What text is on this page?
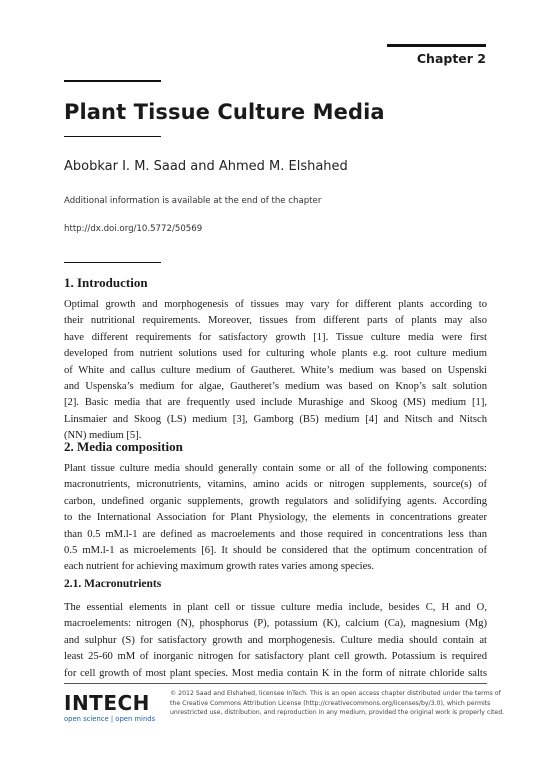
Chapter 2
Plant Tissue Culture Media
Abobkar I. M. Saad and Ahmed M. Elshahed
Additional information is available at the end of the chapter
http://dx.doi.org/10.5772/50569
1. Introduction
Optimal growth and morphogenesis of tissues may vary for different plants according to
their nutritional requirements. Moreover, tissues from different parts of plants may also
have different requirements for satisfactory growth [1]. Tissue culture media were first
developed from nutrient solutions used for culturing whole plants e.g. root culture medium
of White and callus culture medium of Gautheret. White’s medium was based on Uspenski
and Uspenska’s medium for algae, Gautheret’s medium was based on Knop’s salt solution
[2]. Basic media that are frequently used include Murashige and Skoog (MS) medium [1],
Linsmaier and Skoog (LS) medium [3], Gamborg (B5) medium [4] and Nitsch and Nitsch
(NN) medium [5].
2. Media composition
Plant tissue culture media should generally contain some or all of the following components:
macronutrients, micronutrients, vitamins, amino acids or nitrogen supplements, source(s) of
carbon, undefined organic supplements, growth regulators and solidifying agents. According
to the International Association for Plant Physiology, the elements in concentrations greater
than 0.5 mM.l-1 are defined as macroelements and those required in concentrations less than
0.5 mM.l-1 as microelements [6]. It should be considered that the optimum concentration of
each nutrient for achieving maximum growth rates varies among species.
2.1. Macronutrients
The essential elements in plant cell or tissue culture media include, besides C, H and O,
macroelements: nitrogen (N), phosphorus (P), potassium (K), calcium (Ca), magnesium (Mg)
and sulphur (S) for satisfactory growth and morphogenesis. Culture media should contain at
least 25-60 mM of inorganic nitrogen for satisfactory plant cell growth. Potassium is required
for cell growth of most plant species. Most media contain K in the form of nitrate chloride salts
INTECH
open science | open minds
© 2012 Saad and Elshahed, licensee InTech. This is an open access chapter distributed under the terms of
the Creative Commons Attribution License (http://creativecommons.org/licenses/by/3.0), which permits
unrestricted use, distribution, and reproduction in any medium, provided the original work is properly cited.
